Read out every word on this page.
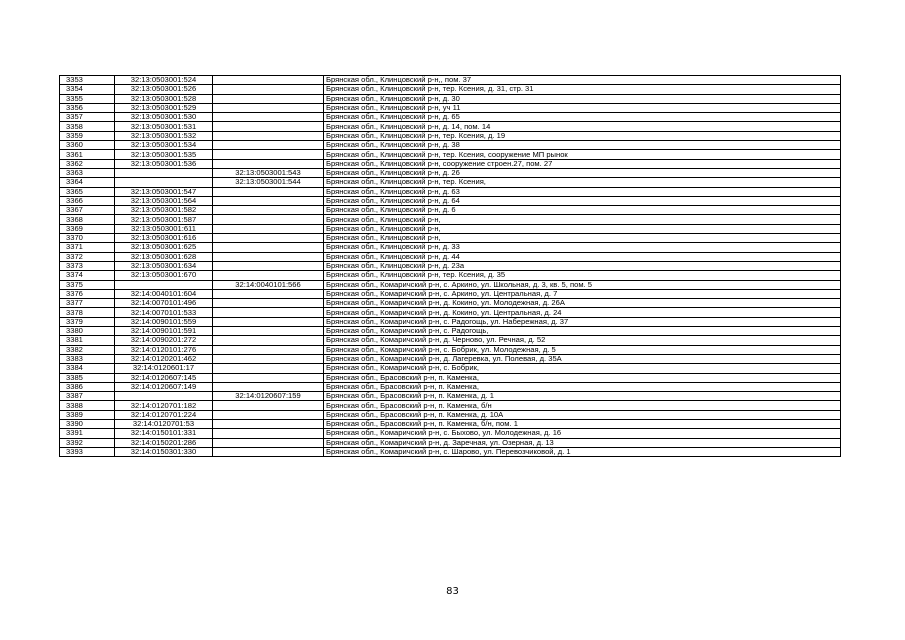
3353	32:13:0503001:524		Брянская обл., Клинцовский р-н,, пом. 37
3354	32:13:0503001:526		Брянская обл., Клинцовский р-н, тер. Ксения, д. 31, стр. 31
3355	32:13:0503001:528		Брянская обл., Клинцовский р-н, д. 30
3356	32:13:0503001:529		Брянская обл., Клинцовский р-н, уч 11
3357	32:13:0503001:530		Брянская обл., Клинцовский р-н, д. 65
3358	32:13:0503001:531		Брянская обл., Клинцовский р-н, д. 14, пом. 14
3359	32:13:0503001:532		Брянская обл., Клинцовский р-н, тер. Ксения, д. 19
3360	32:13:0503001:534		Брянская обл., Клинцовский р-н, д. 38
3361	32:13:0503001:535		Брянская обл., Клинцовский р-н, тер. Ксения, сооружение МП рынок
3362	32:13:0503001:536		Брянская обл., Клинцовский р-н, сооружение строен.27, пом. 27
3363		32:13:0503001:543	Брянская обл., Клинцовский р-н, д. 26
3364		32:13:0503001:544	Брянская обл., Клинцовский р-н, тер. Ксения,
3365	32:13:0503001:547		Брянская обл., Клинцовский р-н, д. 63
3366	32:13:0503001:564		Брянская обл., Клинцовский р-н, д. 64
3367	32:13:0503001:582		Брянская обл., Клинцовский р-н, д. 6
3368	32:13:0503001:587		Брянская обл., Клинцовский р-н,
3369	32:13:0503001:611		Брянская обл., Клинцовский р-н,
3370	32:13:0503001:616		Брянская обл., Клинцовский р-н,
3371	32:13:0503001:625		Брянская обл., Клинцовский р-н, д. 33
3372	32:13:0503001:628		Брянская обл., Клинцовский р-н, д. 44
3373	32:13:0503001:634		Брянская обл., Клинцовский р-н, д. 23а
3374	32:13:0503001:670		Брянская обл., Клинцовский р-н, тер. Ксения, д. 35
3375		32:14:0040101:566	Брянская обл., Комаричский р-н, с. Аркино, ул. Школьная, д. 3, кв. 5, пом. 5
3376	32:14:0040101:604		Брянская обл., Комаричский р-н, с. Аркино, ул. Центральная, д. 7
3377	32:14:0070101:496		Брянская обл., Комаричский р-н, д. Кокино, ул. Молодежная, д. 26А
3378	32:14:0070101:533		Брянская обл., Комаричский р-н, д. Кокино, ул. Центральная, д. 24
3379	32:14:0090101:559		Брянская обл., Комаричский р-н, с. Радогощь, ул. Набережная, д. 37
3380	32:14:0090101:591		Брянская обл., Комаричский р-н, с. Радогощь,
3381	32:14:0090201:272		Брянская обл., Комаричский р-н, д. Черново, ул. Речная, д. 52
3382	32:14:0120101:276		Брянская обл., Комаричский р-н, с. Бобрик, ул. Молодежная, д. 5
3383	32:14:0120201:462		Брянская обл., Комаричский р-н, д. Лагеревка, ул. Полевая, д. 35А
3384	32:14:0120601:17		Брянская обл., Комаричский р-н, с. Бобрик,
3385	32:14:0120607:145		Брянская обл., Брасовский р-н, п. Каменка,
3386	32:14:0120607:149		Брянская обл., Брасовский р-н, п. Каменка,
3387		32:14:0120607:159	Брянская обл., Брасовский р-н, п. Каменка, д. 1
3388	32:14:0120701:182		Брянская обл., Брасовский р-н, п. Каменка, б/н
3389	32:14:0120701:224		Брянская обл., Брасовский р-н, п. Каменка, д. 10А
3390	32:14:0120701:53		Брянская обл., Брасовский р-н, п. Каменка, б/н, пом. 1
3391	32:14:0150101:331		Брянская обл., Комаричский р-н, с. Быхово, ул. Молодежная, д. 16
3392	32:14:0150201:286		Брянская обл., Комаричский р-н, д. Заречная, ул. Озерная, д. 13
3393	32:14:0150301:330		Брянская обл., Комаричский р-н, с. Шарово, ул. Перевозчиковой, д. 1
83
